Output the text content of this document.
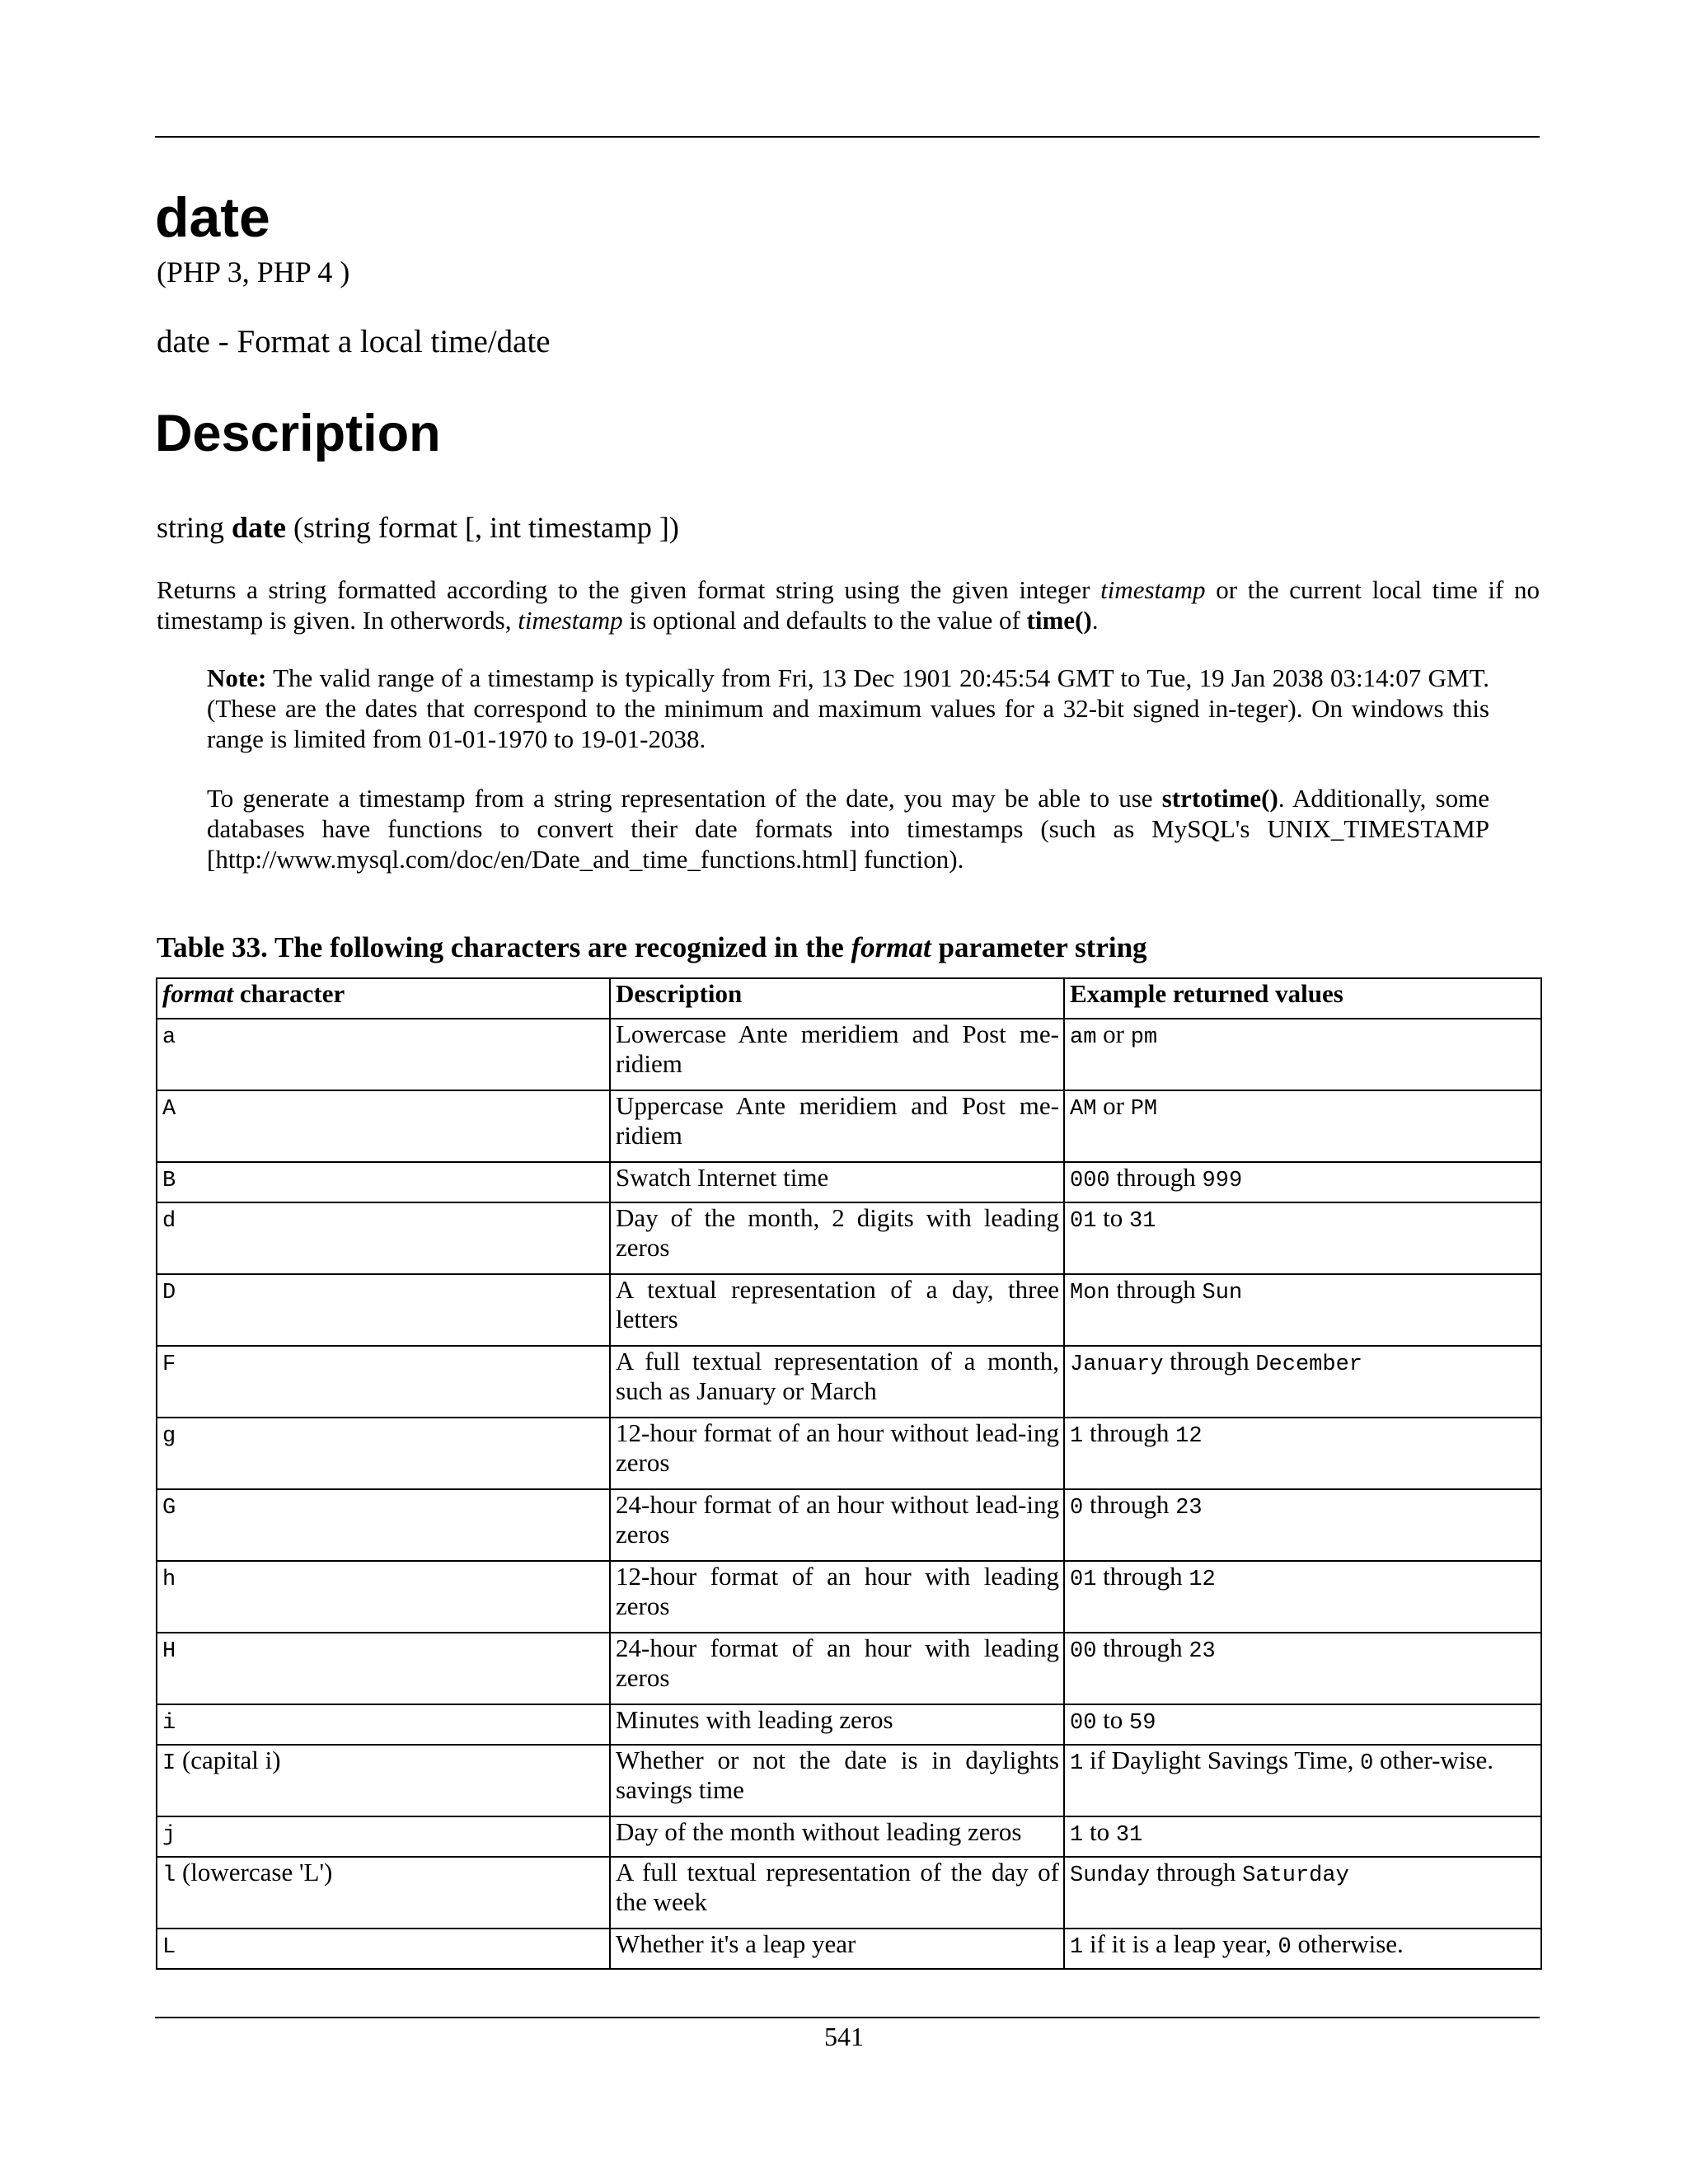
date
(PHP 3, PHP 4 )
date - Format a local time/date
Description
string date (string format [, int timestamp ])

Returns a string formatted according to the given format string using the given integer timestamp or the current local time if no timestamp is given. In otherwords, timestamp is optional and defaults to the value of time().

Note: The valid range of a timestamp is typically from Fri, 13 Dec 1901 20:45:54 GMT to Tue, 19 Jan 2038 03:14:07 GMT. (These are the dates that correspond to the minimum and maximum values for a 32-bit signed in-teger). On windows this range is limited from 01-01-1970 to 19-01-2038.

To generate a timestamp from a string representation of the date, you may be able to use strtotime(). Additionally, some databases have functions to convert their date formats into timestamps (such as MySQL's UNIX_TIMESTAMP [http://www.mysql.com/doc/en/Date_and_time_functions.html] function).

Table 33. The following characters are recognized in the format parameter string
format character	Description	Example returned values
a	Lowercase Ante meridiem and Post me-ridiem	am or pm
A	Uppercase Ante meridiem and Post me-ridiem	AM or PM
B	Swatch Internet time	000 through 999
d	Day of the month, 2 digits with leading zeros	01 to 31
D	A textual representation of a day, three letters	Mon through Sun
F	A full textual representation of a month, such as January or March	January through December
g	12-hour format of an hour without lead-ing zeros	1 through 12
G	24-hour format of an hour without lead-ing zeros	0 through 23
h	12-hour format of an hour with leading zeros	01 through 12
H	24-hour format of an hour with leading zeros	00 through 23
i	Minutes with leading zeros	00 to 59
I (capital i)	Whether or not the date is in daylights savings time	1 if Daylight Savings Time, 0 other-wise.
j	Day of the month without leading zeros	1 to 31
l (lowercase 'L')	A full textual representation of the day of the week	Sunday through Saturday
L	Whether it's a leap year	1 if it is a leap year, 0 otherwise.
541
